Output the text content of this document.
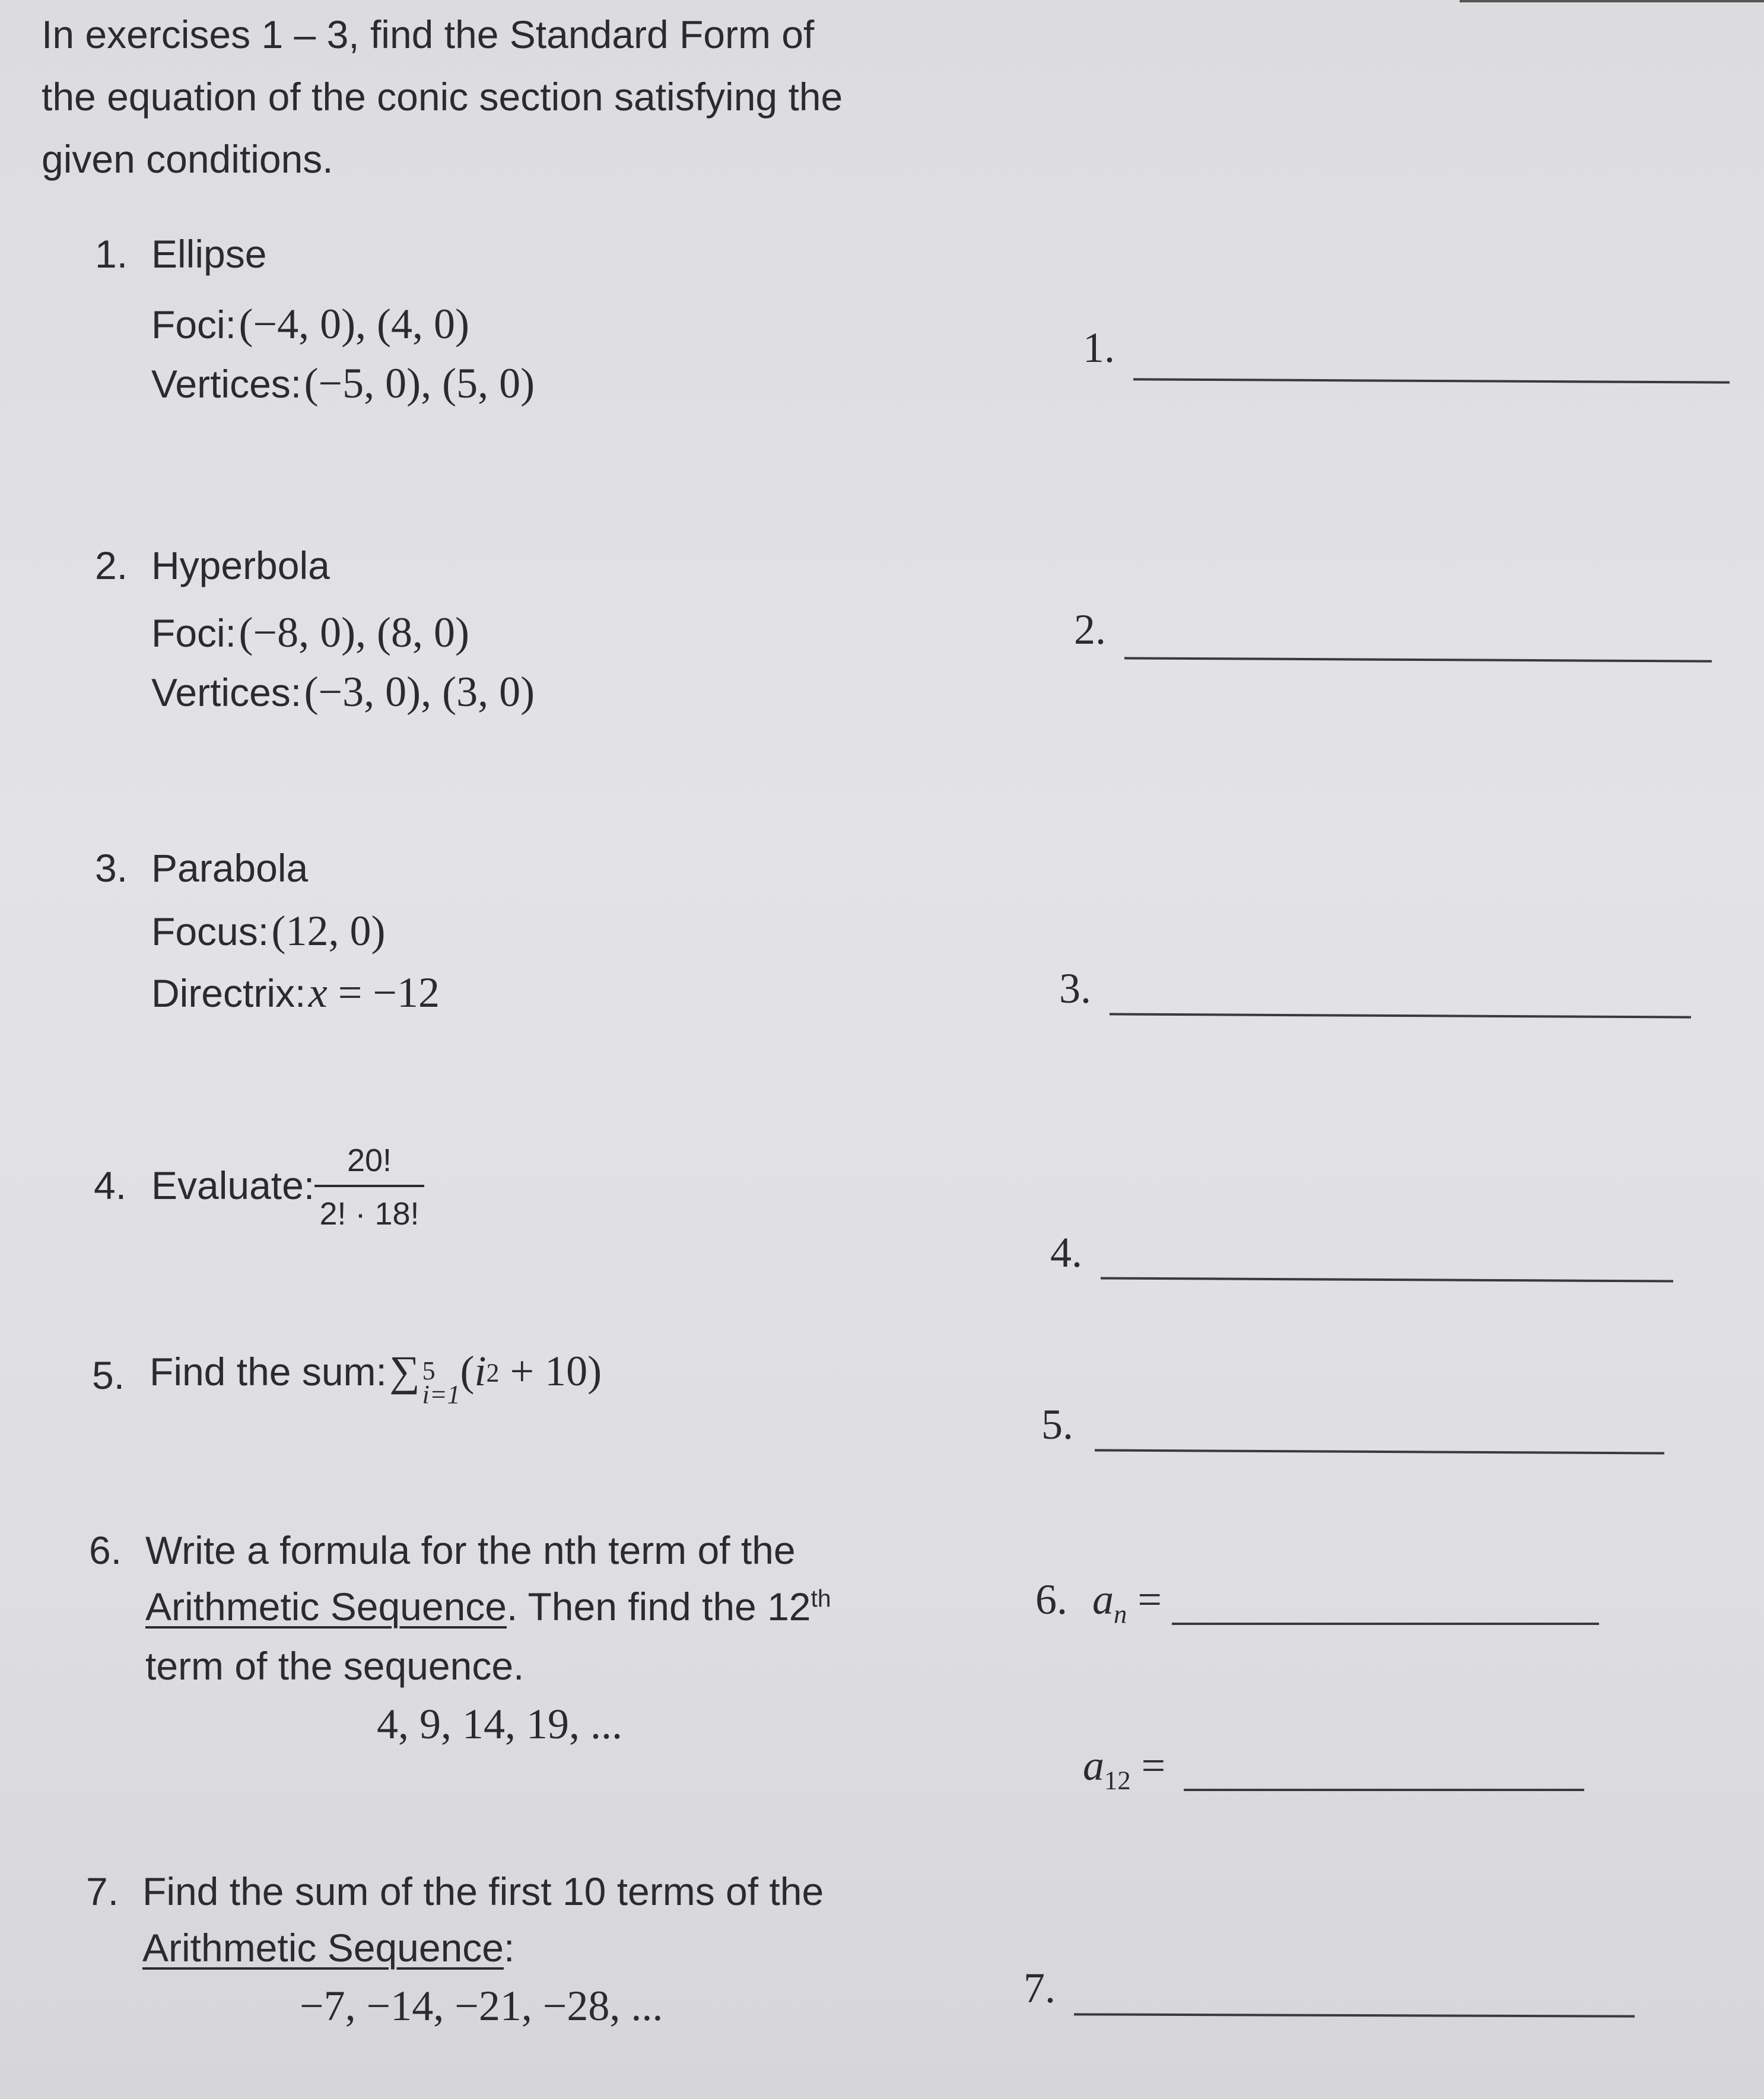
In exercises 1 – 3, find the Standard Form of
the equation of the conic section satisfying the
given conditions.
1. Ellipse
Foci: (−4, 0), (4, 0)
Vertices: (−5, 0), (5, 0)
2. Hyperbola
Foci: (−8, 0), (8, 0)
Vertices: (−3, 0), (3, 0)
3. Parabola
Focus: (12, 0)
Directrix: x = −12
4. Evaluate:
20!
2! · 18!
5. Find the sum: ∑ 5
i=1 $(i^2 + 10)$
6. Write a formula for the nth term of the
Arithmetic Sequence. Then find the 12th
term of the sequence.
4, 9, 14, 19, ...
7. Find the sum of the first 10 terms of the
Arithmetic Sequence:
−7, −14, −21, −28, ...
1.
2.
3.
4.
5.
6. $a_n$ =
$a_{12}$ =
7.
